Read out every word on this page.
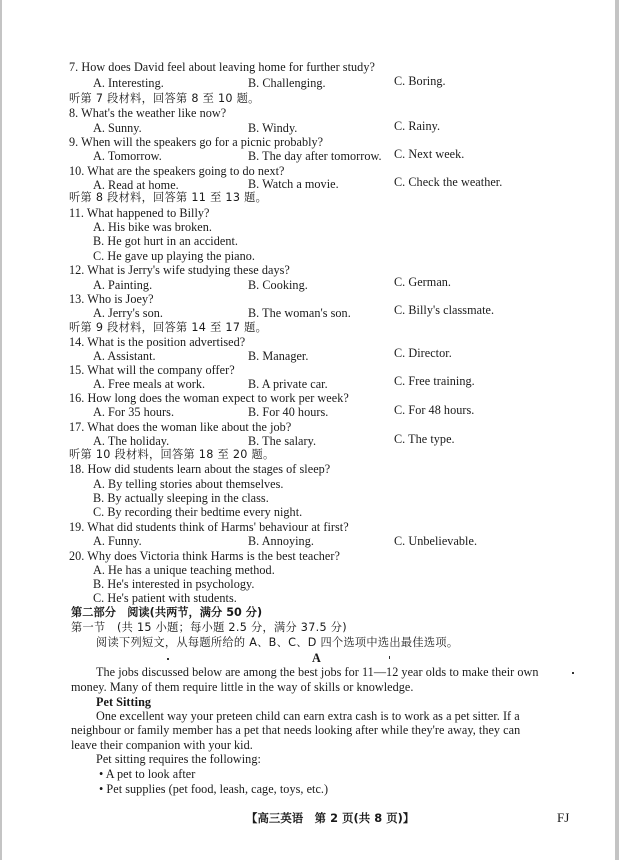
7. How does David feel about leaving home for further study?
A. Interesting.	B. Challenging.	C. Boring.
听第 7 段材料，回答第 8 至 10 题。
8. What's the weather like now?
A. Sunny.	B. Windy.	C. Rainy.
9. When will the speakers go for a picnic probably?
A. Tomorrow.	B. The day after tomorrow. C. Next week.
10. What are the speakers going to do next?
A. Read at home.	B. Watch a movie.	C. Check the weather.
听第 8 段材料，回答第 11 至 13 题。
11. What happened to Billy?
A. His bike was broken.
B. He got hurt in an accident.
C. He gave up playing the piano.
12. What is Jerry's wife studying these days?
A. Painting.	B. Cooking.	C. German.
13. Who is Joey?
A. Jerry's son.	B. The woman's son.	C. Billy's classmate.
听第 9 段材料，回答第 14 至 17 题。
14. What is the position advertised?
A. Assistant.	B. Manager.	C. Director.
15. What will the company offer?
A. Free meals at work.	B. A private car.	C. Free training.
16. How long does the woman expect to work per week?
A. For 35 hours.	B. For 40 hours.	C. For 48 hours.
17. What does the woman like about the job?
A. The holiday.	B. The salary.	C. The type.
听第 10 段材料，回答第 18 至 20 题。
18. How did students learn about the stages of sleep?
A. By telling stories about themselves.
B. By actually sleeping in the class.
C. By recording their bedtime every night.
19. What did students think of Harms' behaviour at first?
A. Funny.	B. Annoying.	C. Unbelievable.
20. Why does Victoria think Harms is the best teacher?
A. He has a unique teaching method.
B. He's interested in psychology.
C. He's patient with students.
第二部分　阅读(共两节，满分 50 分)
第一节　(共 15 小题；每小题 2.5 分，满分 37.5 分)
阅读下列短文，从每题所给的 A、B、C、D 四个选项中选出最佳选项。
A
The jobs discussed below are among the best jobs for 11—12 year olds to make their own
money. Many of them require little in the way of skills or knowledge.
Pet Sitting
One excellent way your preteen child can earn extra cash is to work as a pet sitter. If a
neighbour or family member has a pet that needs looking after while they're away, they can
leave their companion with your kid.
Pet sitting requires the following:
• A pet to look after
• Pet supplies (pet food, leash, cage, toys, etc.)
【高三英语　第 2 页(共 8 页)】	FJ
